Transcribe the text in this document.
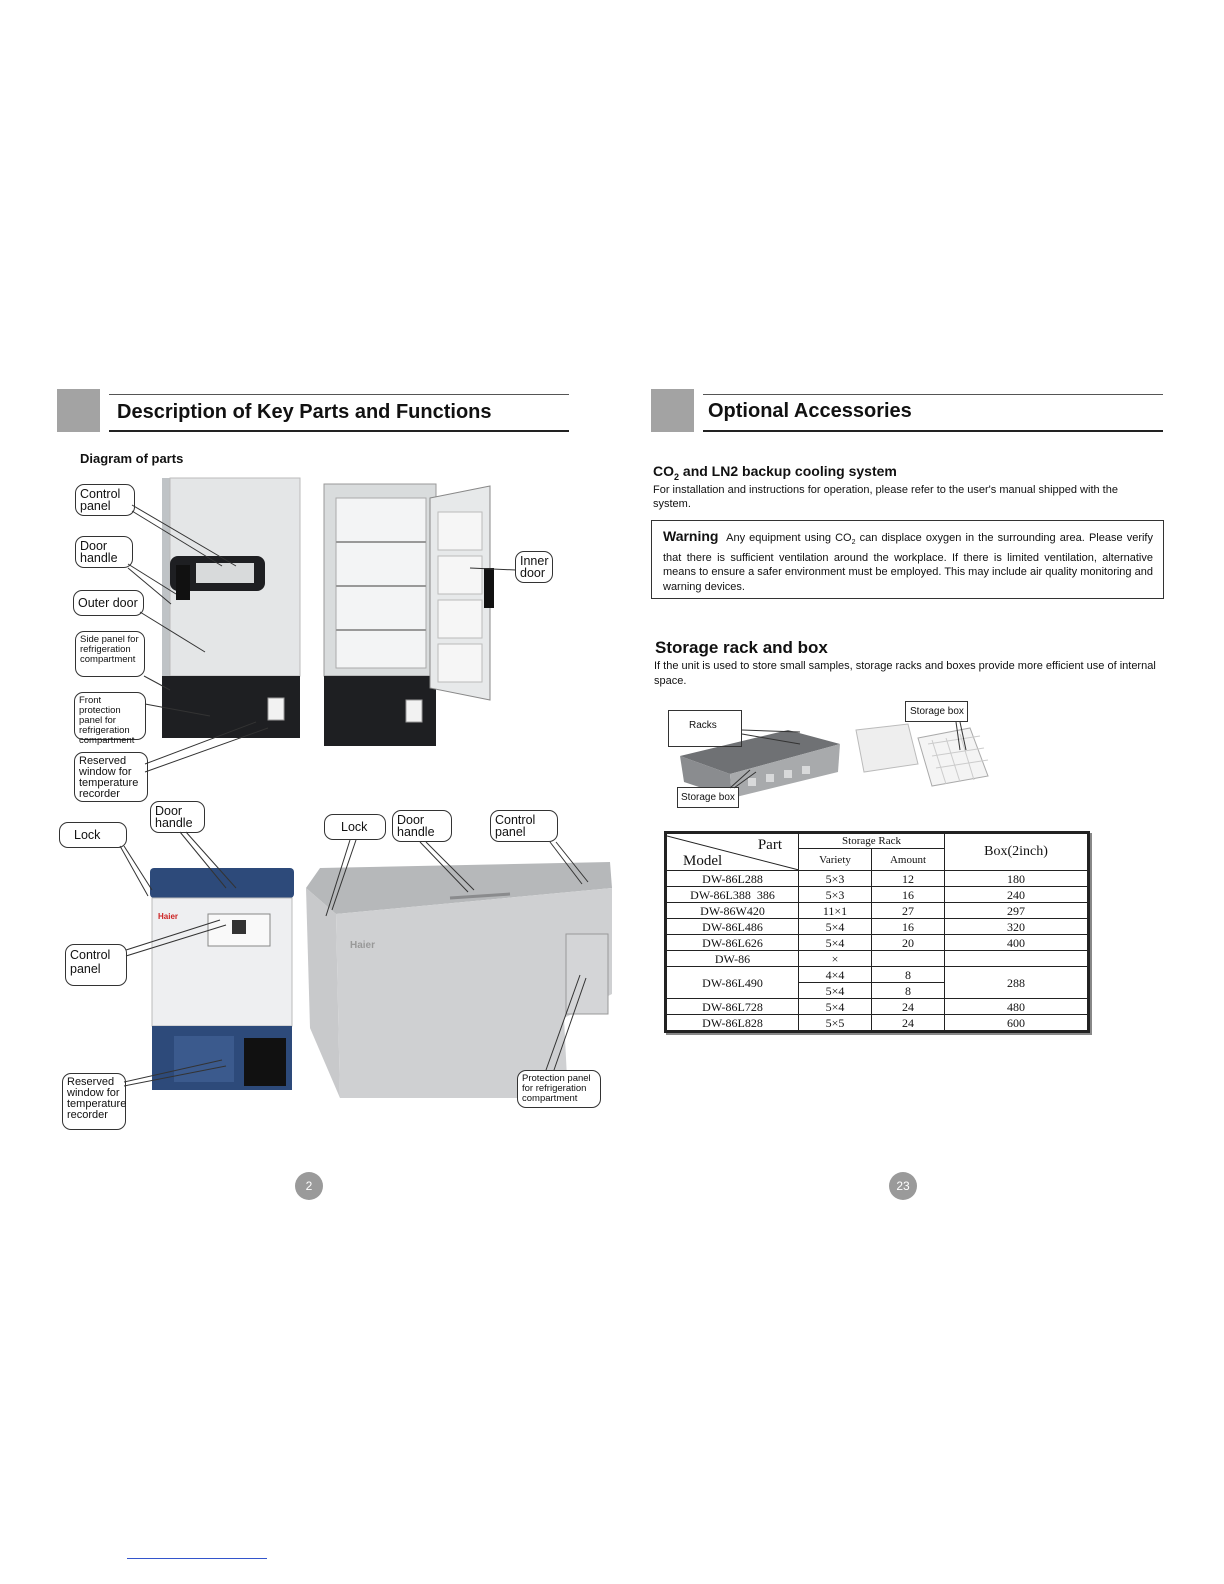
Description of Key Parts and Functions
Diagram of parts
Haier
Haier
Control panel
Door handle
Outer door
Side panel for refrigeration compartment
Front protection panel for refrigeration compartment
Reserved window for temperature recorder
Inner door
Lock
Door handle
Control panel
Reserved window for temperature recorder
Lock	Door handle
Control panel
Protection panel for refrigeration compartment
2
Optional Accessories
$CO_2$ and LN2 backup cooling system
For installation and instructions for operation, please refer to the user's manual shipped with the system.
Warning Any equipment using $CO_2$ can displace oxygen in the surrounding area. Please verify that there is sufficient ventilation around the workplace. If there is limited ventilation, alternative means to ensure a safer environment must be employed. This may include air quality monitoring and warning devices.
Storage rack and box
If the unit is used to store small samples, storage racks and boxes provide more efficient use of internal space.
Racks
Storage box
Storage box
Part
Model	Storage Rack		Box(2inch)
	Variety	Amount	
DW-86L288	5×3	12	180
DW-86L388  386	5×3	16	240
DW-86W420	11×1	27	297
DW-86L486	5×4	16	320
DW-86L626	5×4	20	400
DW-86	×		
DW-86L490	4×4	8	288
	5×4	8	
DW-86L728	5×4	24	480
DW-86L828	5×5	24	600
23
